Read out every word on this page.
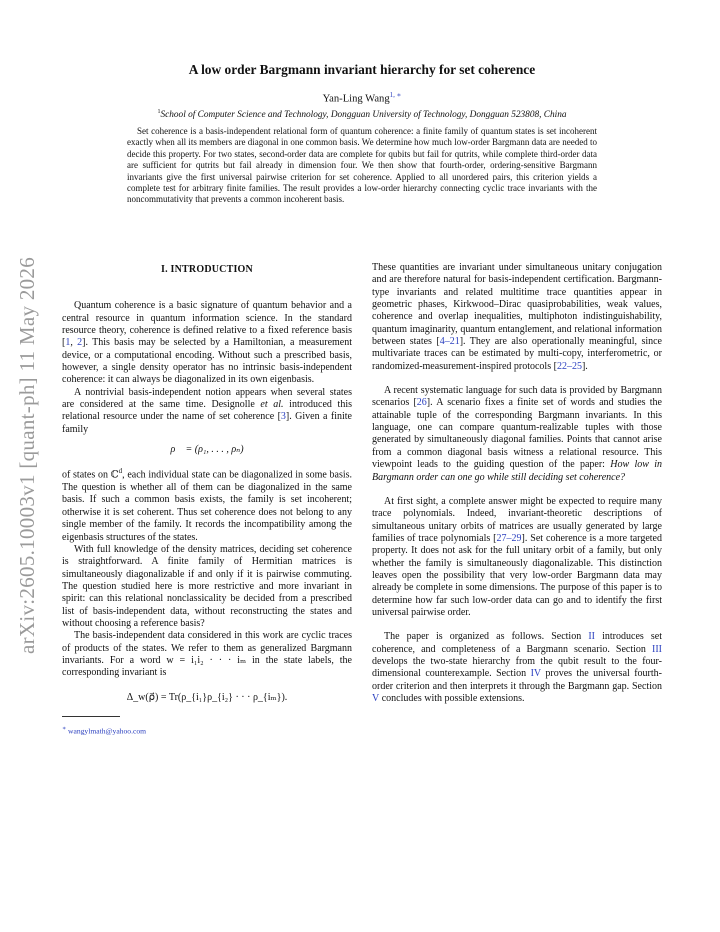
arXiv:2605.10003v1 [quant-ph] 11 May 2026
A low order Bargmann invariant hierarchy for set coherence
Yan-Ling Wang$^{1, ∗}$
$^1$School of Computer Science and Technology, Dongguan University of Technology, Dongguan 523808, China
Set coherence is a basis-independent relational form of quantum coherence: a finite family of quantum states is set incoherent exactly when all its members are diagonal in one common basis. We determine how much low-order Bargmann data are needed to decide this property. For two states, second-order data are complete for qubits but fail for qutrits, while complete third-order data are sufficient for qutrits but fail already in dimension four. We then show that fourth-order, ordering-sensitive Bargmann invariants give the first universal pairwise criterion for set coherence. Applied to all unordered pairs, this criterion yields a complete test for arbitrary finite families. The result provides a low-order hierarchy connecting cyclic trace invariants with the noncommutativity that prevents a common incoherent basis.
I. INTRODUCTION

Quantum coherence is a basic signature of quantum behavior and a central resource in quantum information science. In the standard resource theory, coherence is defined relative to a fixed reference basis [1, 2]. This basis may be selected by a Hamiltonian, a measurement device, or a computational encoding. Without such a prescribed basis, however, a single density operator has no intrinsic basis-independent coherence: it can always be diagonalized in its own eigenbasis.

A nontrivial basis-independent notion appears when several states are considered at the same time. Designolle et al. introduced this relational resource under the name of set coherence [3]. Given a finite family

ρ⃗ = (ρ₁, . . . , ρₙ)

of states on ℂ$^d$, each individual state can be diagonalized in some basis. The question is whether all of them can be diagonalized in the same basis. If such a common basis exists, the family is set incoherent; otherwise it is set coherent. Thus set coherence does not belong to any single member of the family. It records the incompatibility among the eigenbasis structures of the states.

With full knowledge of the density matrices, deciding set coherence is straightforward. A finite family of Hermitian matrices is simultaneously diagonalizable if and only if it is pairwise commuting. The question studied here is more restrictive and more invariant in spirit: can this relational nonclassicality be decided from a prescribed list of basis-independent data, without reconstructing the states and without choosing a reference basis?

The basis-independent data considered in this work are cyclic traces of products of the states. We refer to them as generalized Bargmann invariants. For a word w = i₁i₂ · · · iₘ in the state labels, the corresponding invariant is

Δ_w(ρ⃗) = Tr(ρ_{i₁}ρ_{i₂} · · · ρ_{iₘ}).
∗ wangylmath@yahoo.com

These quantities are invariant under simultaneous unitary conjugation and are therefore natural for basis-independent certification. Bargmann-type invariants and related multitime trace quantities appear in geometric phases, Kirkwood–Dirac quasiprobabilities, weak values, coherence and overlap inequalities, multiphoton indistinguishability, quantum imaginarity, quantum entanglement, and relational information between states [4–21]. They are also operationally meaningful, since multivariate traces can be estimated by multi-copy, interferometric, or randomized-measurement-inspired protocols [22–25].

A recent systematic language for such data is provided by Bargmann scenarios [26]. A scenario fixes a finite set of words and studies the attainable tuple of the corresponding Bargmann invariants. In this language, one can compare quantum-realizable tuples with those generated by simultaneously diagonal families. Points that cannot arise from a common diagonal basis witness a relational resource. This viewpoint leads to the guiding question of the paper: How low in Bargmann order can one go while still deciding set coherence?

At first sight, a complete answer might be expected to require many trace polynomials. Indeed, invariant-theoretic descriptions of simultaneous unitary orbits of matrices are usually generated by large families of trace polynomials [27–29]. Set coherence is a more targeted property. It does not ask for the full unitary orbit of a family, but only whether the family is simultaneously diagonalizable. This distinction leaves open the possibility that very low-order Bargmann data may already be complete in some dimensions. The purpose of this paper is to determine how far such low-order data can go and to identify the first universal pairwise order.

The paper is organized as follows. Section II introduces set coherence, and completeness of a Bargmann scenario. Section III develops the two-state hierarchy from the qubit result to the four-dimensional counterexample. Section IV proves the universal fourth-order criterion and then interprets it through the Bargmann gap. Section V concludes with possible extensions.
